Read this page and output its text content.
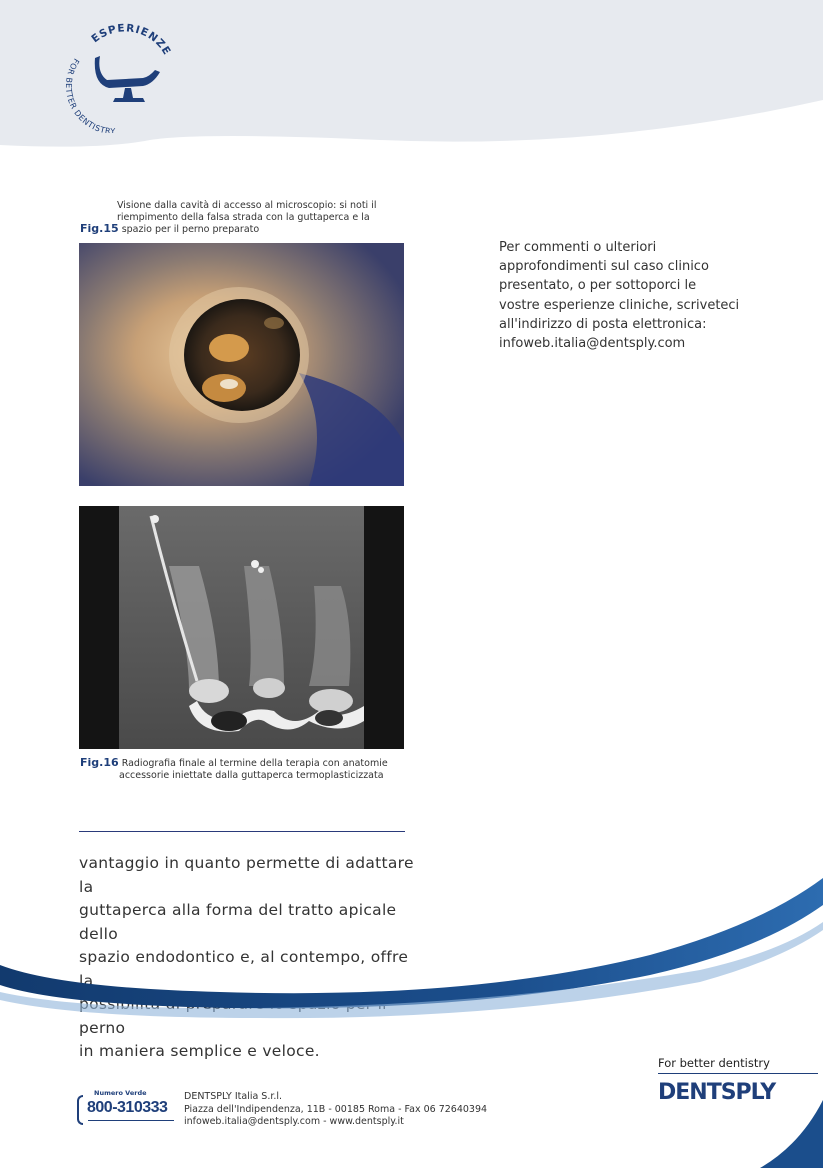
ESPERIENZE
FOR TER DENTISTRY
Visione dalla cavità di accesso al microscopio: si noti il
riempimento della falsa strada con la guttaperca e la
Fig.15 spazio per il perno preparato
Fig.16 Radiografia finale al termine della terapia con anatomie
accessorie iniettate dalla guttaperca termoplasticizzata
Per commenti o ulteriori
approfondimenti sul caso clinico
presentato, o per sottoporci le
vostre esperienze cliniche, scriveteci
all'indirizzo di posta elettronica:
infoweb.italia@dentsply.com
vantaggio in quanto permette di adattare la
guttaperca alla forma del tratto apicale dello
spazio endodontico e, al contempo, offre la
possibilità perno
in maniera semplice e veloce.
Numero Verde
800-310333
DENTSPLY Italia S.r.l.
Piazza dell'Indipendenza, 11B - 00185 Roma - Fax 06 72640394
infoweb.italia@dentsply.com - www.dentsply.it
For better dentistry
DENTSPLY
